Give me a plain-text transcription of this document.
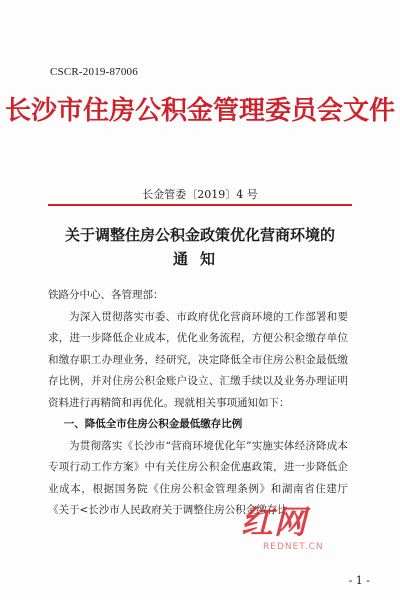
CSCR-2019-87006
长沙市住房公积金管理委员会文件
长金管委〔2019〕4 号
关于调整住房公积金政策优化营商环境的
通知
铁路分中心、各管理部：

为深入贯彻落实市委、市政府优化营商环境的工作部署和要求，进一步降低企业成本，优化业务流程，方便公积金缴存单位和缴存职工办理业务，经研究，决定降低全市住房公积金最低缴存比例，并对住房公积金账户设立、汇缴手续以及业务办理证明资料进行再精简和再优化。现就相关事项通知如下：

一、降低全市住房公积金最低缴存比例

为贯彻落实《长沙市“营商环境优化年”实施实体经济降成本专项行动工作方案》中有关住房公积金优惠政策，进一步降低企业成本，根据国务院《住房公积金管理条例》和湖南省住建厅《关于<长沙市人民政府关于调整住房公积金缴存比

红网
REDNET.CN
- 1 -
